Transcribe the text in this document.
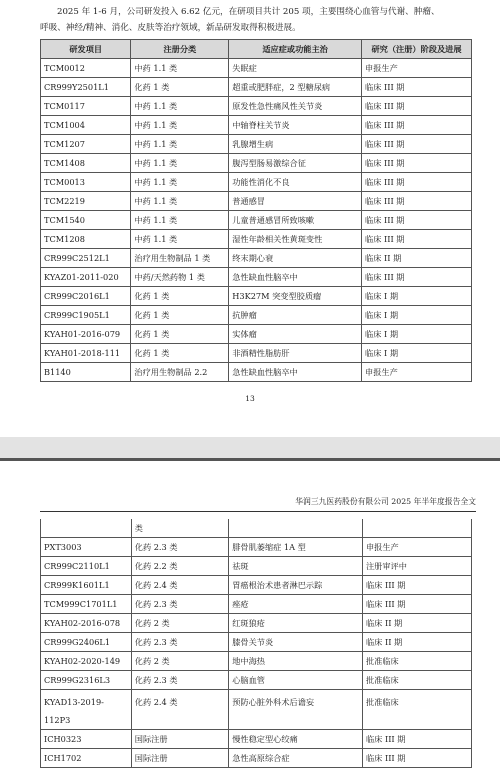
2025 年 1-6 月，公司研发投入 6.62 亿元，在研项目共计 205 项，主要围绕心血管与代谢、肿瘤、
呼吸、神经/精神、消化、皮肤等治疗领域，新品研发取得积极进展。
研发项目	注册分类	适应症或功能主治	研究（注册）阶段及进展
TCM0012	中药 1.1 类	失眠症	申报生产
CR999Y2501L1	化药 1 类	超重或肥胖症，2 型糖尿病	临床 III 期
TCM0117	中药 1.1 类	原发性急性痛风性关节炎	临床 III 期
TCM1004	中药 1.1 类	中轴脊柱关节炎	临床 III 期
TCM1207	中药 1.1 类	乳腺增生病	临床 III 期
TCM1408	中药 1.1 类	腹泻型肠易激综合征	临床 III 期
TCM0013	中药 1.1 类	功能性消化不良	临床 III 期
TCM2219	中药 1.1 类	普通感冒	临床 III 期
TCM1540	中药 1.1 类	儿童普通感冒所致咳嗽	临床 III 期
TCM1208	中药 1.1 类	湿性年龄相关性黄斑变性	临床 III 期
CR999C2512L1	治疗用生物制品 1 类	终末期心衰	临床 II 期
KYAZ01-2011-020	中药/天然药物 1 类	急性缺血性脑卒中	临床 III 期
CR999C2016L1	化药 1 类	H3K27M 突变型胶质瘤	临床 I 期
CR999C1905L1	化药 1 类	抗肿瘤	临床 I 期
KYAH01-2016-079	化药 1 类	实体瘤	临床 I 期
KYAH01-2018-111	化药 1 类	非酒精性脂肪肝	临床 I 期
B1140	治疗用生物制品 2.2	急性缺血性脑卒中	申报生产
13
华润三九医药股份有限公司 2025 年半年度报告全文
	类		
PXT3003	化药 2.3 类	腓骨肌萎缩症 1A 型	申报生产
CR999C2110L1	化药 2.2 类	祛斑	注册审评中
CR999K1601L1	化药 2.4 类	胃癌根治术患者淋巴示踪	临床 III 期
TCM999C1701L1	化药 2.3 类	痤疮	临床 III 期
KYAH02-2016-078	化药 2 类	红斑狼疮	临床 II 期
CR999G2406L1	化药 2.3 类	膝骨关节炎	临床 II 期
KYAH02-2020-149	化药 2 类	地中海热	批准临床
CR999G2316L3	化药 2.3 类	心脑血管	批准临床
KYAD13-2019-112P3	化药 2.4 类	预防心脏外科术后谵妄	批准临床
ICH0323	国际注册	慢性稳定型心绞痛	临床 III 期
ICH1702	国际注册	急性高原综合症	临床 III 期
